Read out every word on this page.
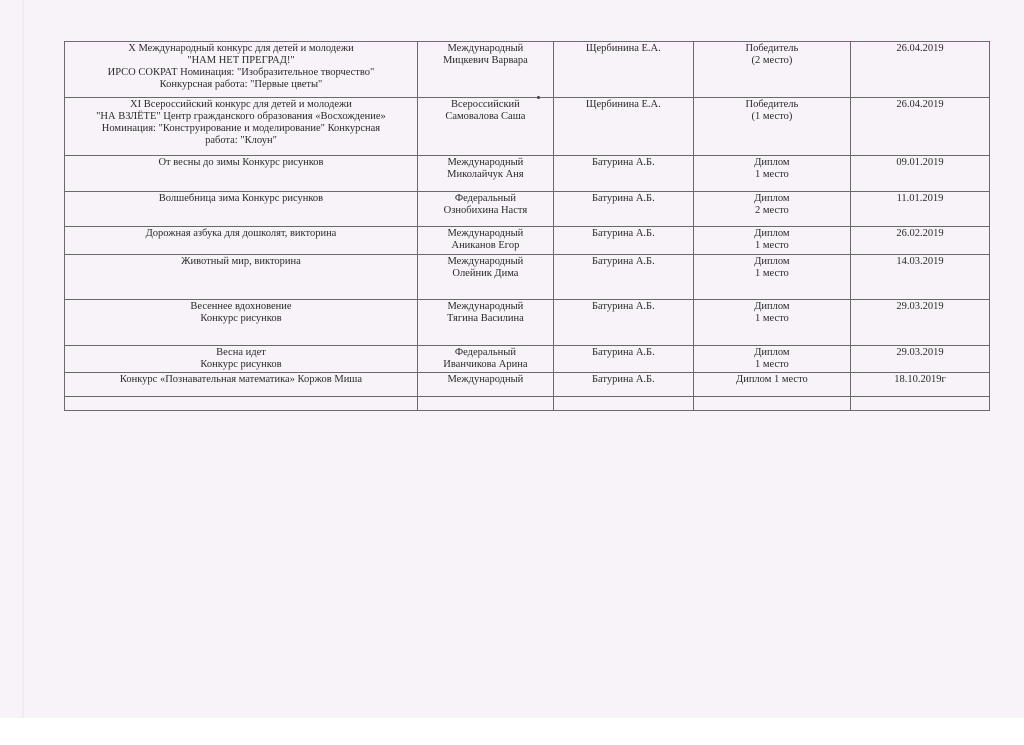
X Международный конкурс для детей и молодежи
"НАМ НЕТ ПРЕГРАД!"
ИРСО СОКРАТ Номинация: "Изобразительное творчество"
Конкурсная работа: "Первые цветы"	Международный
Мицкевич Варвара	Щербинина Е.А.	Победитель
(2 место)	26.04.2019

XI Всероссийский конкурс для детей и молодежи
"НА ВЗЛЁТЕ" Центр гражданского образования «Восхождение»
Номинация: "Конструирование и моделирование" Конкурсная
работа: "Клоун"	Всероссийский
Самовалова Саша	Щербинина Е.А.	Победитель
(1 место)	26.04.2019

От весны до зимы Конкурс рисунков	Международный
Миколайчук Аня	Батурина А.Б.	Диплом
1 место	09.01.2019

Волшебница зима Конкурс рисунков	Федеральный
Ознобихина Настя	Батурина А.Б.	Диплом
2 место	11.01.2019

Дорожная азбука для дошколят, викторина	Международный
Аниканов Егор	Батурина А.Б.	Диплом
1 место	26.02.2019

Животный мир, викторина	Международный
Олейник Дима	Батурина А.Б.	Диплом
1 место	14.03.2019

Весеннее вдохновение
Конкурс рисунков	Международный
Тягина Василина	Батурина А.Б.	Диплом
1 место	29.03.2019

Весна идет
Конкурс рисунков	Федеральный
Иванчикова Арина	Батурина А.Б.	Диплом
1 место	29.03.2019

Конкурс «Познавательная математика» Коржов Миша	Международный	Батурина А.Б.	Диплом 1 место	18.10.2019г
